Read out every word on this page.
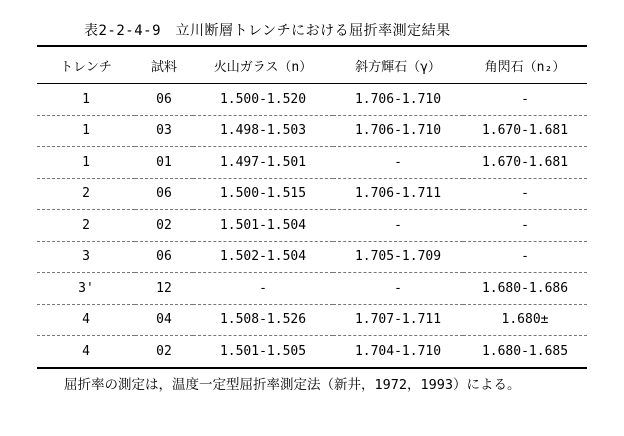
表2-2-4-9　立川断層トレンチにおける屈折率測定結果
トレンチ	試料	火山ガラス（n）	斜方輝石（γ）	角閃石（n₂）
1	06	1.500-1.520	1.706-1.710	-
1	03	1.498-1.503	1.706-1.710	1.670-1.681
1	01	1.497-1.501	-	1.670-1.681
2	06	1.500-1.515	1.706-1.711	-
2	02	1.501-1.504	-	-
3	06	1.502-1.504	1.705-1.709	-
3'	12	-	-	1.680-1.686
4	04	1.508-1.526	1.707-1.711	1.680±
4	02	1.501-1.505	1.704-1.710	1.680-1.685
屈折率の測定は，温度一定型屈折率測定法（新井，1972，1993）による。
